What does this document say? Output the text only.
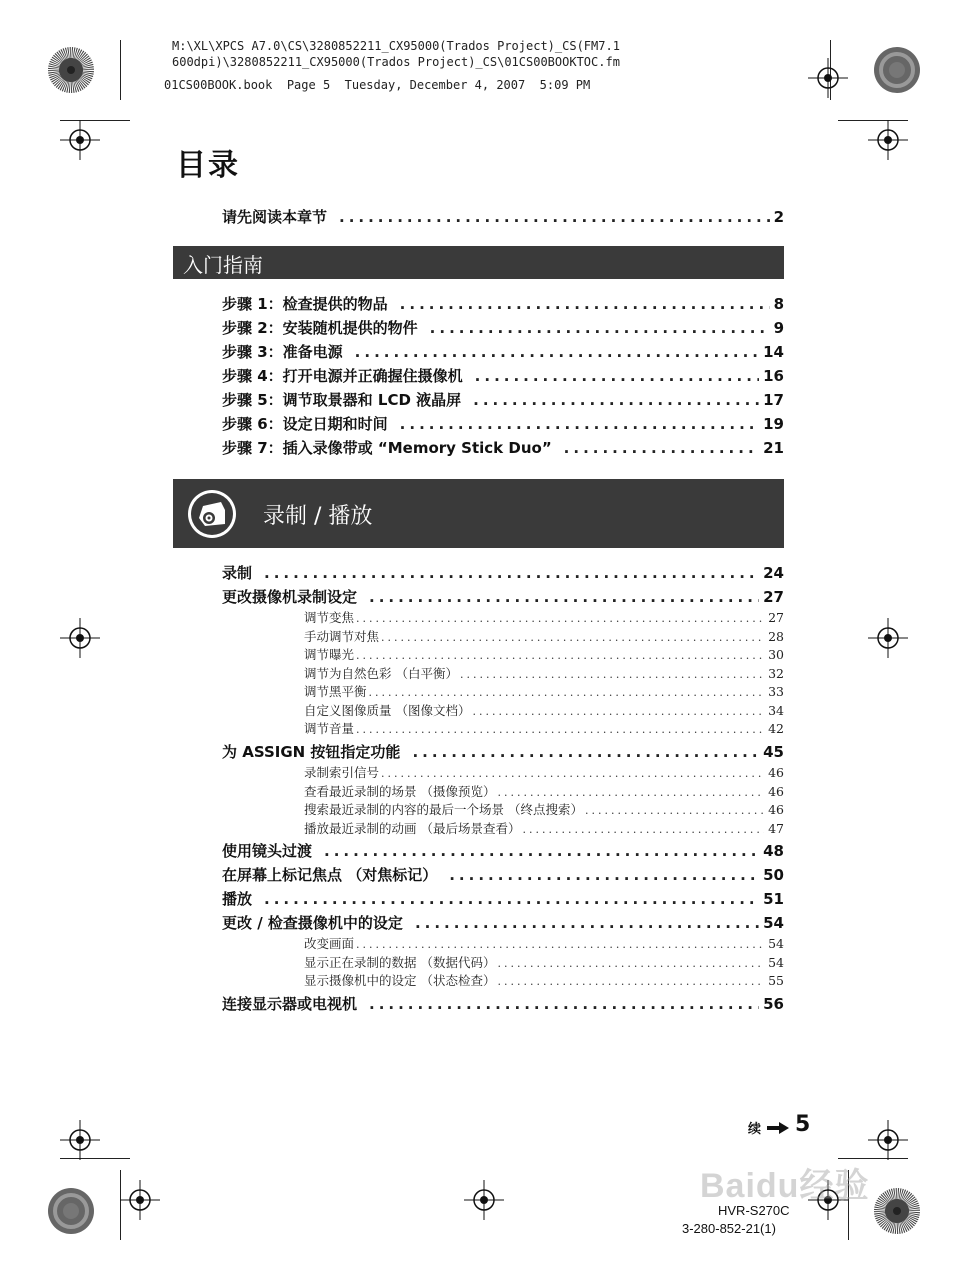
M:\XL\XPCS A7.0\CS\3280852211_CX95000(Trados Project)_CS(FM7.1
600dpi)\3280852211_CX95000(Trados Project)_CS\01CS00BOOKTOC.fm
01CS00BOOK.book  Page 5  Tuesday, December 4, 2007  5:09 PM
目录
请先阅读本章节 .....	2
入门指南
步骤 1：检查提供的物品 .....	8
步骤 2：安装随机提供的物件 .....	9
步骤 3：准备电源 .....	14
步骤 4：打开电源并正确握住摄像机 .....	16
步骤 5：调节取景器和 LCD 液晶屏 .....	17
步骤 6：设定日期和时间 .....	19
步骤 7：插入录像带或 “Memory Stick Duo” .....	21
录制 / 播放
录制 .....	24
更改摄像机录制设定 .....	27
调节变焦 .....	27
手动调节对焦 .....	28
调节曝光 .....	30
调节为自然色彩 （白平衡） .....	32
调节黑平衡 .....	33
自定义图像质量 （图像文档） .....	34
调节音量 .....	42
为 ASSIGN 按钮指定功能 .....	45
录制索引信号 .....	46
查看最近录制的场景 （摄像预览） .....	46
搜索最近录制的内容的最后一个场景 （终点搜索） .....	46
播放最近录制的动画 （最后场景查看） .....	47
使用镜头过渡 .....	48
在屏幕上标记焦点 （对焦标记） .....	50
播放 .....	51
更改 / 检查摄像机中的设定 .....	54
改变画面 .....	54
显示正在录制的数据 （数据代码） .....	54
显示摄像机中的设定 （状态检查） .....	55
连接显示器或电视机 .....	56
续 5
Baidu经验
HVR-S270C
3-280-852-21(1)
